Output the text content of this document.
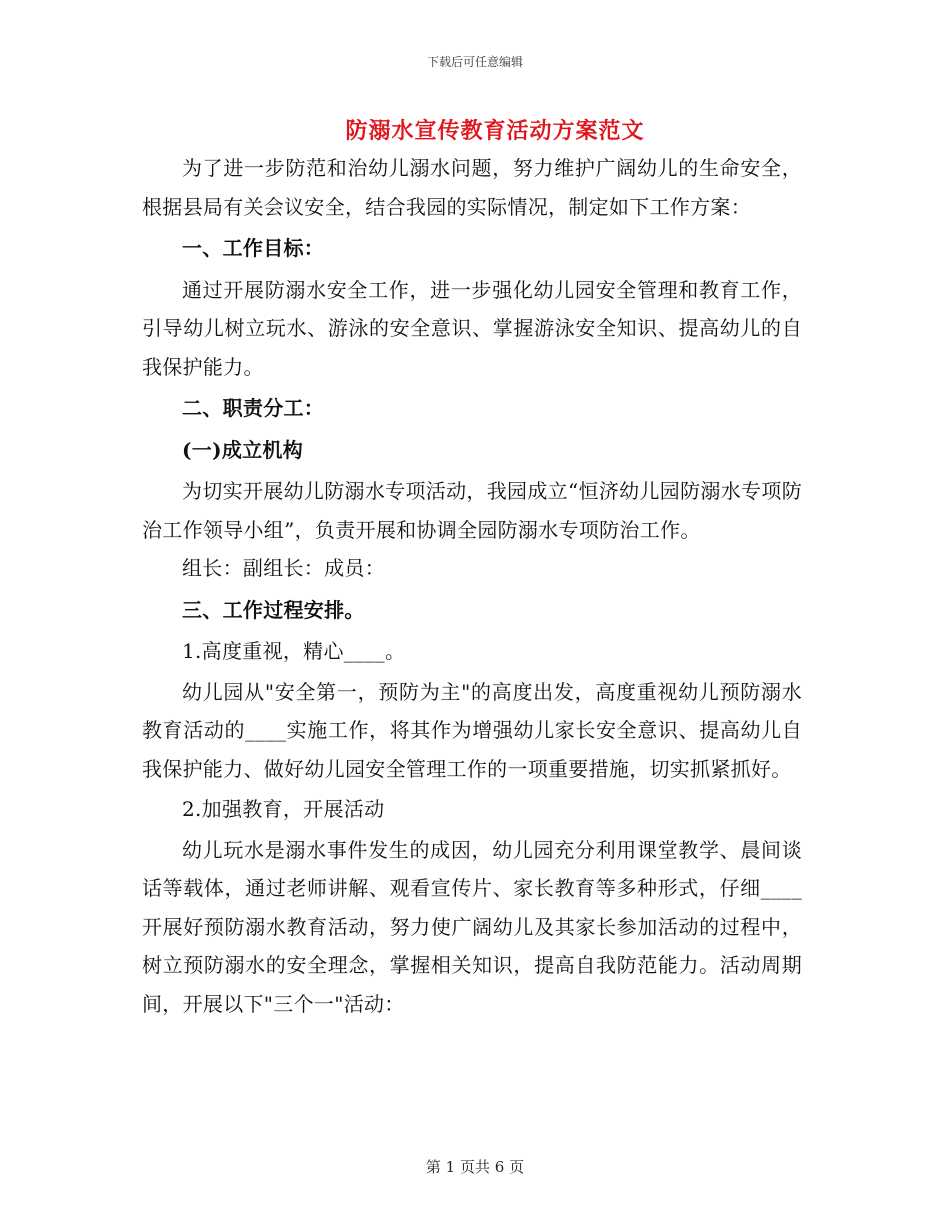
下载后可任意编辑
防溺水宣传教育活动方案范文

为了进一步防范和治幼儿溺水问题，努力维护广阔幼儿的生命安全，根据县局有关会议安全，结合我园的实际情况，制定如下工作方案：

一、工作目标：

通过开展防溺水安全工作，进一步强化幼儿园安全管理和教育工作，引导幼儿树立玩水、游泳的安全意识、掌握游泳安全知识、提高幼儿的自我保护能力。

二、职责分工：

(一)成立机构

为切实开展幼儿防溺水专项活动，我园成立“恒济幼儿园防溺水专项防治工作领导小组”，负责开展和协调全园防溺水专项防治工作。

组长：副组长：成员：

三、工作过程安排。

1.高度重视，精心____。

幼儿园从"安全第一，预防为主"的高度出发，高度重视幼儿预防溺水教育活动的____实施工作，将其作为增强幼儿家长安全意识、提高幼儿自我保护能力、做好幼儿园安全管理工作的一项重要措施，切实抓紧抓好。

2.加强教育，开展活动

幼儿玩水是溺水事件发生的成因，幼儿园充分利用课堂教学、晨间谈话等载体，通过老师讲解、观看宣传片、家长教育等多种形式，仔细____开展好预防溺水教育活动，努力使广阔幼儿及其家长参加活动的过程中，树立预防溺水的安全理念，掌握相关知识，提高自我防范能力。活动周期间，开展以下"三个一"活动：

第 1 页共 6 页
